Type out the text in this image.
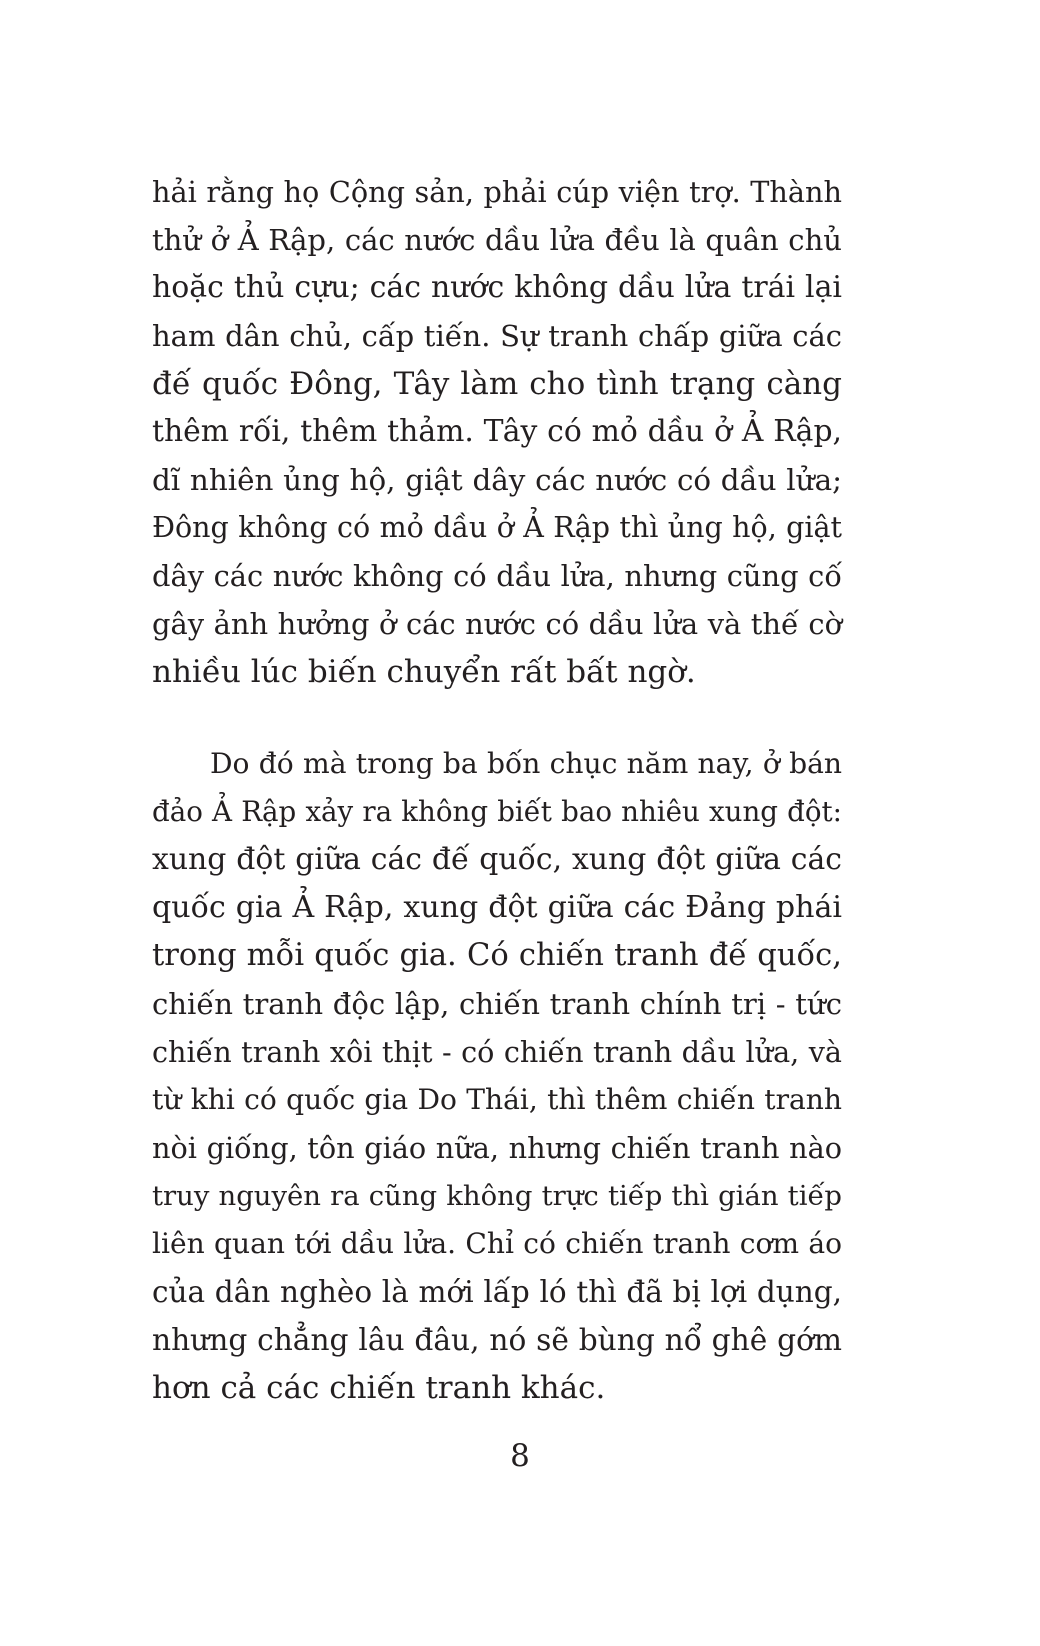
hải rằng họ Cộng sản, phải cúp viện trợ. Thành
thử ở Ả Rập, các nước dầu lửa đều là quân chủ
hoặc thủ cựu; các nước không dầu lửa trái lại
ham dân chủ, cấp tiến. Sự tranh chấp giữa các
đế quốc Đông, Tây làm cho tình trạng càng
thêm rối, thêm thảm. Tây có mỏ dầu ở Ả Rập,
dĩ nhiên ủng hộ, giật dây các nước có dầu lửa;
Đông không có mỏ dầu ở Ả Rập thì ủng hộ, giật
dây các nước không có dầu lửa, nhưng cũng cố
gây ảnh hưởng ở các nước có dầu lửa và thế cờ
nhiều lúc biến chuyển rất bất ngờ.

Do đó mà trong ba bốn chục năm nay, ở bán
đảo Ả Rập xảy ra không biết bao nhiêu xung đột:
xung đột giữa các đế quốc, xung đột giữa các
quốc gia Ả Rập, xung đột giữa các Đảng phái
trong mỗi quốc gia. Có chiến tranh đế quốc,
chiến tranh độc lập, chiến tranh chính trị - tức
chiến tranh xôi thịt - có chiến tranh dầu lửa, và
từ khi có quốc gia Do Thái, thì thêm chiến tranh
nòi giống, tôn giáo nữa, nhưng chiến tranh nào
truy nguyên ra cũng không trực tiếp thì gián tiếp
liên quan tới dầu lửa. Chỉ có chiến tranh cơm áo
của dân nghèo là mới lấp ló thì đã bị lợi dụng,
nhưng chẳng lâu đâu, nó sẽ bùng nổ ghê gớm
hơn cả các chiến tranh khác.

8
